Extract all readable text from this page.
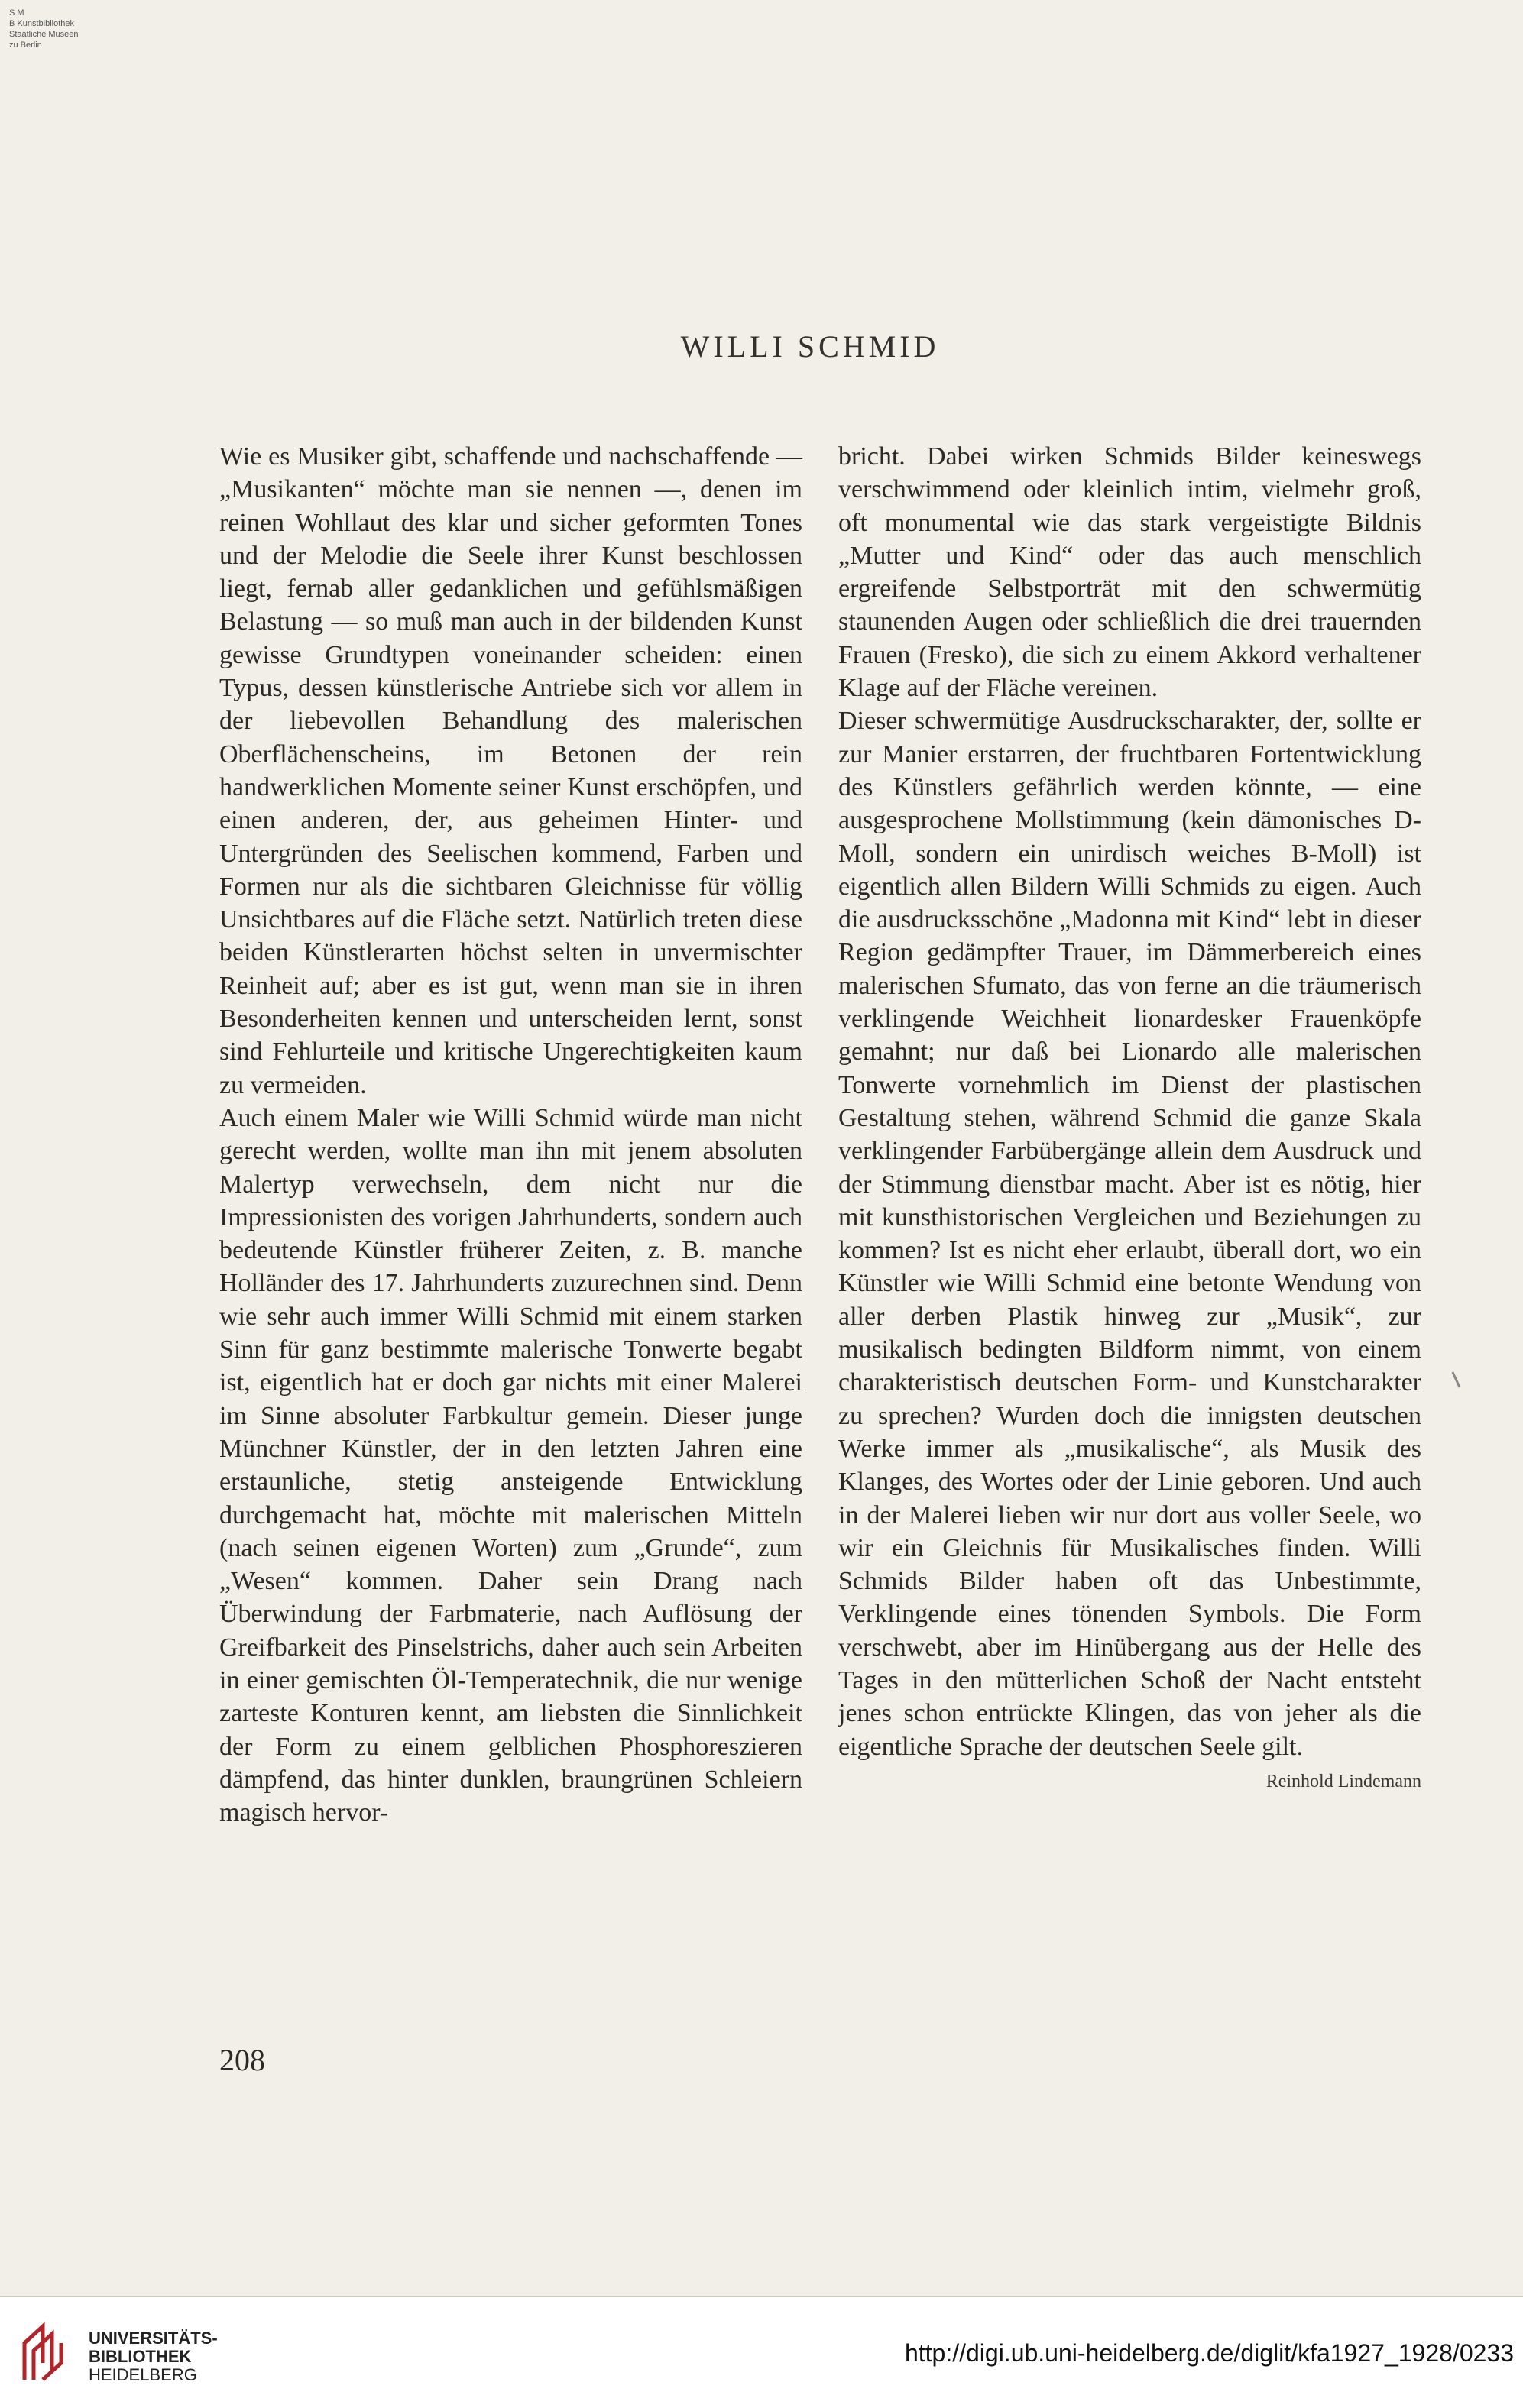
S M
B Kunstbibliothek
Staatliche Museen
zu Berlin
WILLI SCHMID

Wie es Musiker gibt, schaffende und nachschaffende — „Musikanten“ möchte man sie nennen —, denen im reinen Wohllaut des klar und sicher geformten Tones und der Melodie die Seele ihrer Kunst beschlossen liegt, fernab aller gedanklichen und gefühlsmäßigen Belastung — so muß man auch in der bildenden Kunst gewisse Grundtypen voneinander scheiden: einen Typus, dessen künstlerische Antriebe sich vor allem in der liebevollen Behandlung des malerischen Oberflächenscheins, im Betonen der rein handwerklichen Momente seiner Kunst erschöpfen, und einen anderen, der, aus geheimen Hinter- und Untergründen des Seelischen kommend, Farben und Formen nur als die sichtbaren Gleichnisse für völlig Unsichtbares auf die Fläche setzt. Natürlich treten diese beiden Künstlerarten höchst selten in unvermischter Reinheit auf; aber es ist gut, wenn man sie in ihren Besonderheiten kennen und unterscheiden lernt, sonst sind Fehlurteile und kritische Ungerechtigkeiten kaum zu vermeiden.

Auch einem Maler wie Willi Schmid würde man nicht gerecht werden, wollte man ihn mit jenem absoluten Malertyp verwechseln, dem nicht nur die Impressionisten des vorigen Jahrhunderts, sondern auch bedeutende Künstler früherer Zeiten, z. B. manche Holländer des 17. Jahrhunderts zuzurechnen sind. Denn wie sehr auch immer Willi Schmid mit einem starken Sinn für ganz bestimmte malerische Tonwerte begabt ist, eigentlich hat er doch gar nichts mit einer Malerei im Sinne absoluter Farbkultur gemein. Dieser junge Münchner Künstler, der in den letzten Jahren eine erstaunliche, stetig ansteigende Entwicklung durchgemacht hat, möchte mit malerischen Mitteln (nach seinen eigenen Worten) zum „Grunde“, zum „Wesen“ kommen. Daher sein Drang nach Überwindung der Farbmaterie, nach Auflösung der Greifbarkeit des Pinselstrichs, daher auch sein Arbeiten in einer gemischten Öl-Temperatechnik, die nur wenige zarteste Konturen kennt, am liebsten die Sinnlichkeit der Form zu einem gelblichen Phosphoreszieren dämpfend, das hinter dunklen, braungrünen Schleiern magisch hervor-

bricht. Dabei wirken Schmids Bilder keineswegs verschwimmend oder kleinlich intim, vielmehr groß, oft monumental wie das stark vergeistigte Bildnis „Mutter und Kind“ oder das auch menschlich ergreifende Selbstporträt mit den schwermütig staunenden Augen oder schließlich die drei trauernden Frauen (Fresko), die sich zu einem Akkord verhaltener Klage auf der Fläche vereinen.

Dieser schwermütige Ausdruckscharakter, der, sollte er zur Manier erstarren, der fruchtbaren Fortentwicklung des Künstlers gefährlich werden könnte, — eine ausgesprochene Mollstimmung (kein dämonisches D-Moll, sondern ein unirdisch weiches B-Moll) ist eigentlich allen Bildern Willi Schmids zu eigen. Auch die ausdrucksschöne „Madonna mit Kind“ lebt in dieser Region gedämpfter Trauer, im Dämmerbereich eines malerischen Sfumato, das von ferne an die träumerisch verklingende Weichheit lionardesker Frauenköpfe gemahnt; nur daß bei Lionardo alle malerischen Tonwerte vornehmlich im Dienst der plastischen Gestaltung stehen, während Schmid die ganze Skala verklingender Farbübergänge allein dem Ausdruck und der Stimmung dienstbar macht. Aber ist es nötig, hier mit kunsthistorischen Vergleichen und Beziehungen zu kommen? Ist es nicht eher erlaubt, überall dort, wo ein Künstler wie Willi Schmid eine betonte Wendung von aller derben Plastik hinweg zur „Musik“, zur musikalisch bedingten Bildform nimmt, von einem charakteristisch deutschen Form- und Kunstcharakter zu sprechen? Wurden doch die innigsten deutschen Werke immer als „musikalische“, als Musik des Klanges, des Wortes oder der Linie geboren. Und auch in der Malerei lieben wir nur dort aus voller Seele, wo wir ein Gleichnis für Musikalisches finden. Willi Schmids Bilder haben oft das Unbestimmte, Verklingende eines tönenden Symbols. Die Form verschwebt, aber im Hinübergang aus der Helle des Tages in den mütterlichen Schoß der Nacht entsteht jenes schon entrückte Klingen, das von jeher als die eigentliche Sprache der deutschen Seele gilt.

Reinhold Lindemann
208
UNIVERSITÄTS-
BIBLIOTHEK
HEIDELBERG
http://digi.ub.uni-heidelberg.de/diglit/kfa1927_1928/0233
